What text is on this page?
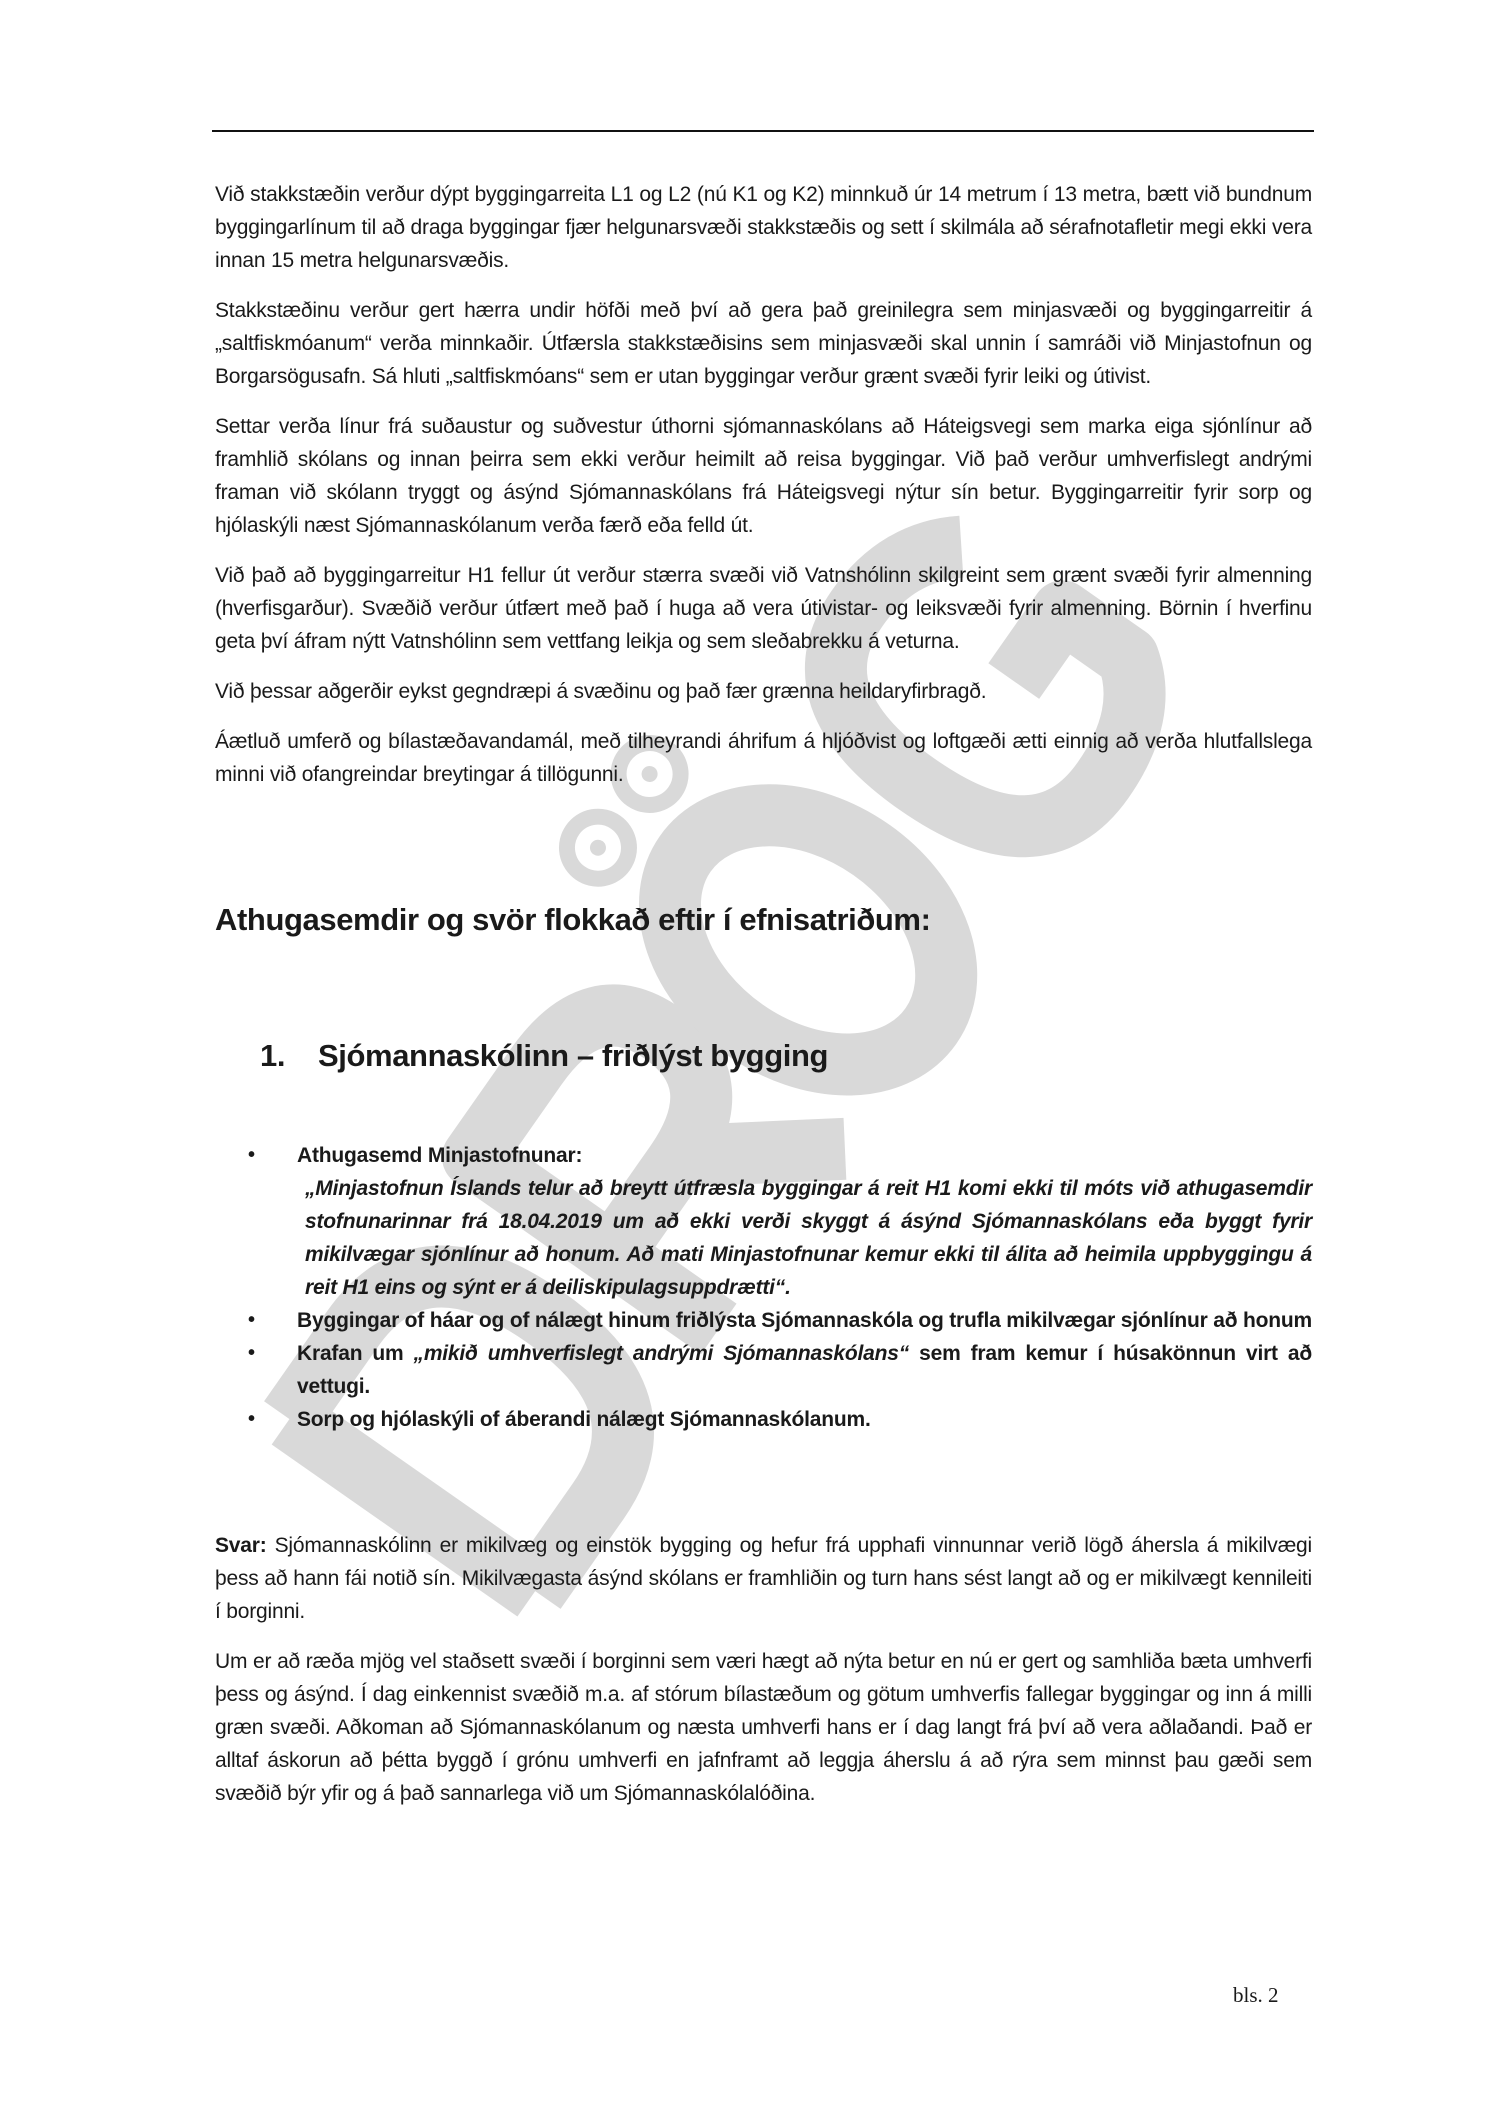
Við stakkstæðin verður dýpt byggingarreita L1 og L2 (nú K1 og K2) minnkuð úr 14 metrum í 13 metra, bætt við bundnum byggingarlínum til að draga byggingar fjær helgunarsvæði stakkstæðis og sett í skilmála að sérafnotafletir megi ekki vera innan 15 metra helgunarsvæðis.

Stakkstæðinu verður gert hærra undir höfði með því að gera það greinilegra sem minjasvæði og byggingarreitir á „saltfiskmóanum“ verða minnkaðir. Útfærsla stakkstæðisins sem minjasvæði skal unnin í samráði við Minjastofnun og Borgarsögusafn. Sá hluti „saltfiskmóans“ sem er utan byggingar verður grænt svæði fyrir leiki og útivist.

Settar verða línur frá suðaustur og suðvestur úthorni sjómannaskólans að Háteigsvegi sem marka eiga sjónlínur að framhlið skólans og innan þeirra sem ekki verður heimilt að reisa byggingar. Við það verður umhverfislegt andrými framan við skólann tryggt og ásýnd Sjómannaskólans frá Háteigsvegi nýtur sín betur. Byggingarreitir fyrir sorp og hjólaskýli næst Sjómannaskólanum verða færð eða felld út.

Við það að byggingarreitur H1 fellur út verður stærra svæði við Vatnshólinn skilgreint sem grænt svæði fyrir almenning (hverfisgarður). Svæðið verður útfært með það í huga að vera útivistar- og leiksvæði fyrir almenning. Börnin í hverfinu geta því áfram nýtt Vatnshólinn sem vettfang leikja og sem sleðabrekku á veturna.

Við þessar aðgerðir eykst gegndræpi á svæðinu og það fær grænna heildaryfirbragð.

Áætluð umferð og bílastæðavandamál, með tilheyrandi áhrifum á hljóðvist og loftgæði ætti einnig að verða hlutfallslega minni við ofangreindar breytingar á tillögunni.

Athugasemdir og svör flokkað eftir í efnisatriðum:
1.	Sjómannaskólinn – friðlýst bygging
• Athugasemd Minjastofnunar:
„Minjastofnun Íslands telur að breytt útfræsla byggingar á reit H1 komi ekki til móts við athugasemdir stofnunarinnar frá 18.04.2019 um að ekki verði skyggt á ásýnd Sjómannaskólans eða byggt fyrir mikilvægar sjónlínur að honum. Að mati Minjastofnunar kemur ekki til álita að heimila uppbyggingu á reit H1 eins og sýnt er á deiliskipulagsuppdrætti“.
• Byggingar of háar og of nálægt hinum friðlýsta Sjómannaskóla og trufla mikilvægar sjónlínur að honum
• Krafan um „mikið umhverfislegt andrými Sjómannaskólans“ sem fram kemur í húsakönnun virt að vettugi.
• Sorp og hjólaskýli of áberandi nálægt Sjómannaskólanum.

Svar: Sjómannaskólinn er mikilvæg og einstök bygging og hefur frá upphafi vinnunnar verið lögð áhersla á mikilvægi þess að hann fái notið sín. Mikilvægasta ásýnd skólans er framhliðin og turn hans sést langt að og er mikilvægt kennileiti í borginni.

Um er að ræða mjög vel staðsett svæði í borginni sem væri hægt að nýta betur en nú er gert og samhliða bæta umhverfi þess og ásýnd. Í dag einkennist svæðið m.a. af stórum bílastæðum og götum umhverfis fallegar byggingar og inn á milli græn svæði. Aðkoman að Sjómannaskólanum og næsta umhverfi hans er í dag langt frá því að vera aðlaðandi. Það er alltaf áskorun að þétta byggð í grónu umhverfi en jafnframt að leggja áherslu á að rýra sem minnst þau gæði sem svæðið býr yfir og á það sannarlega við um Sjómannaskólalóðina.

bls. 2
